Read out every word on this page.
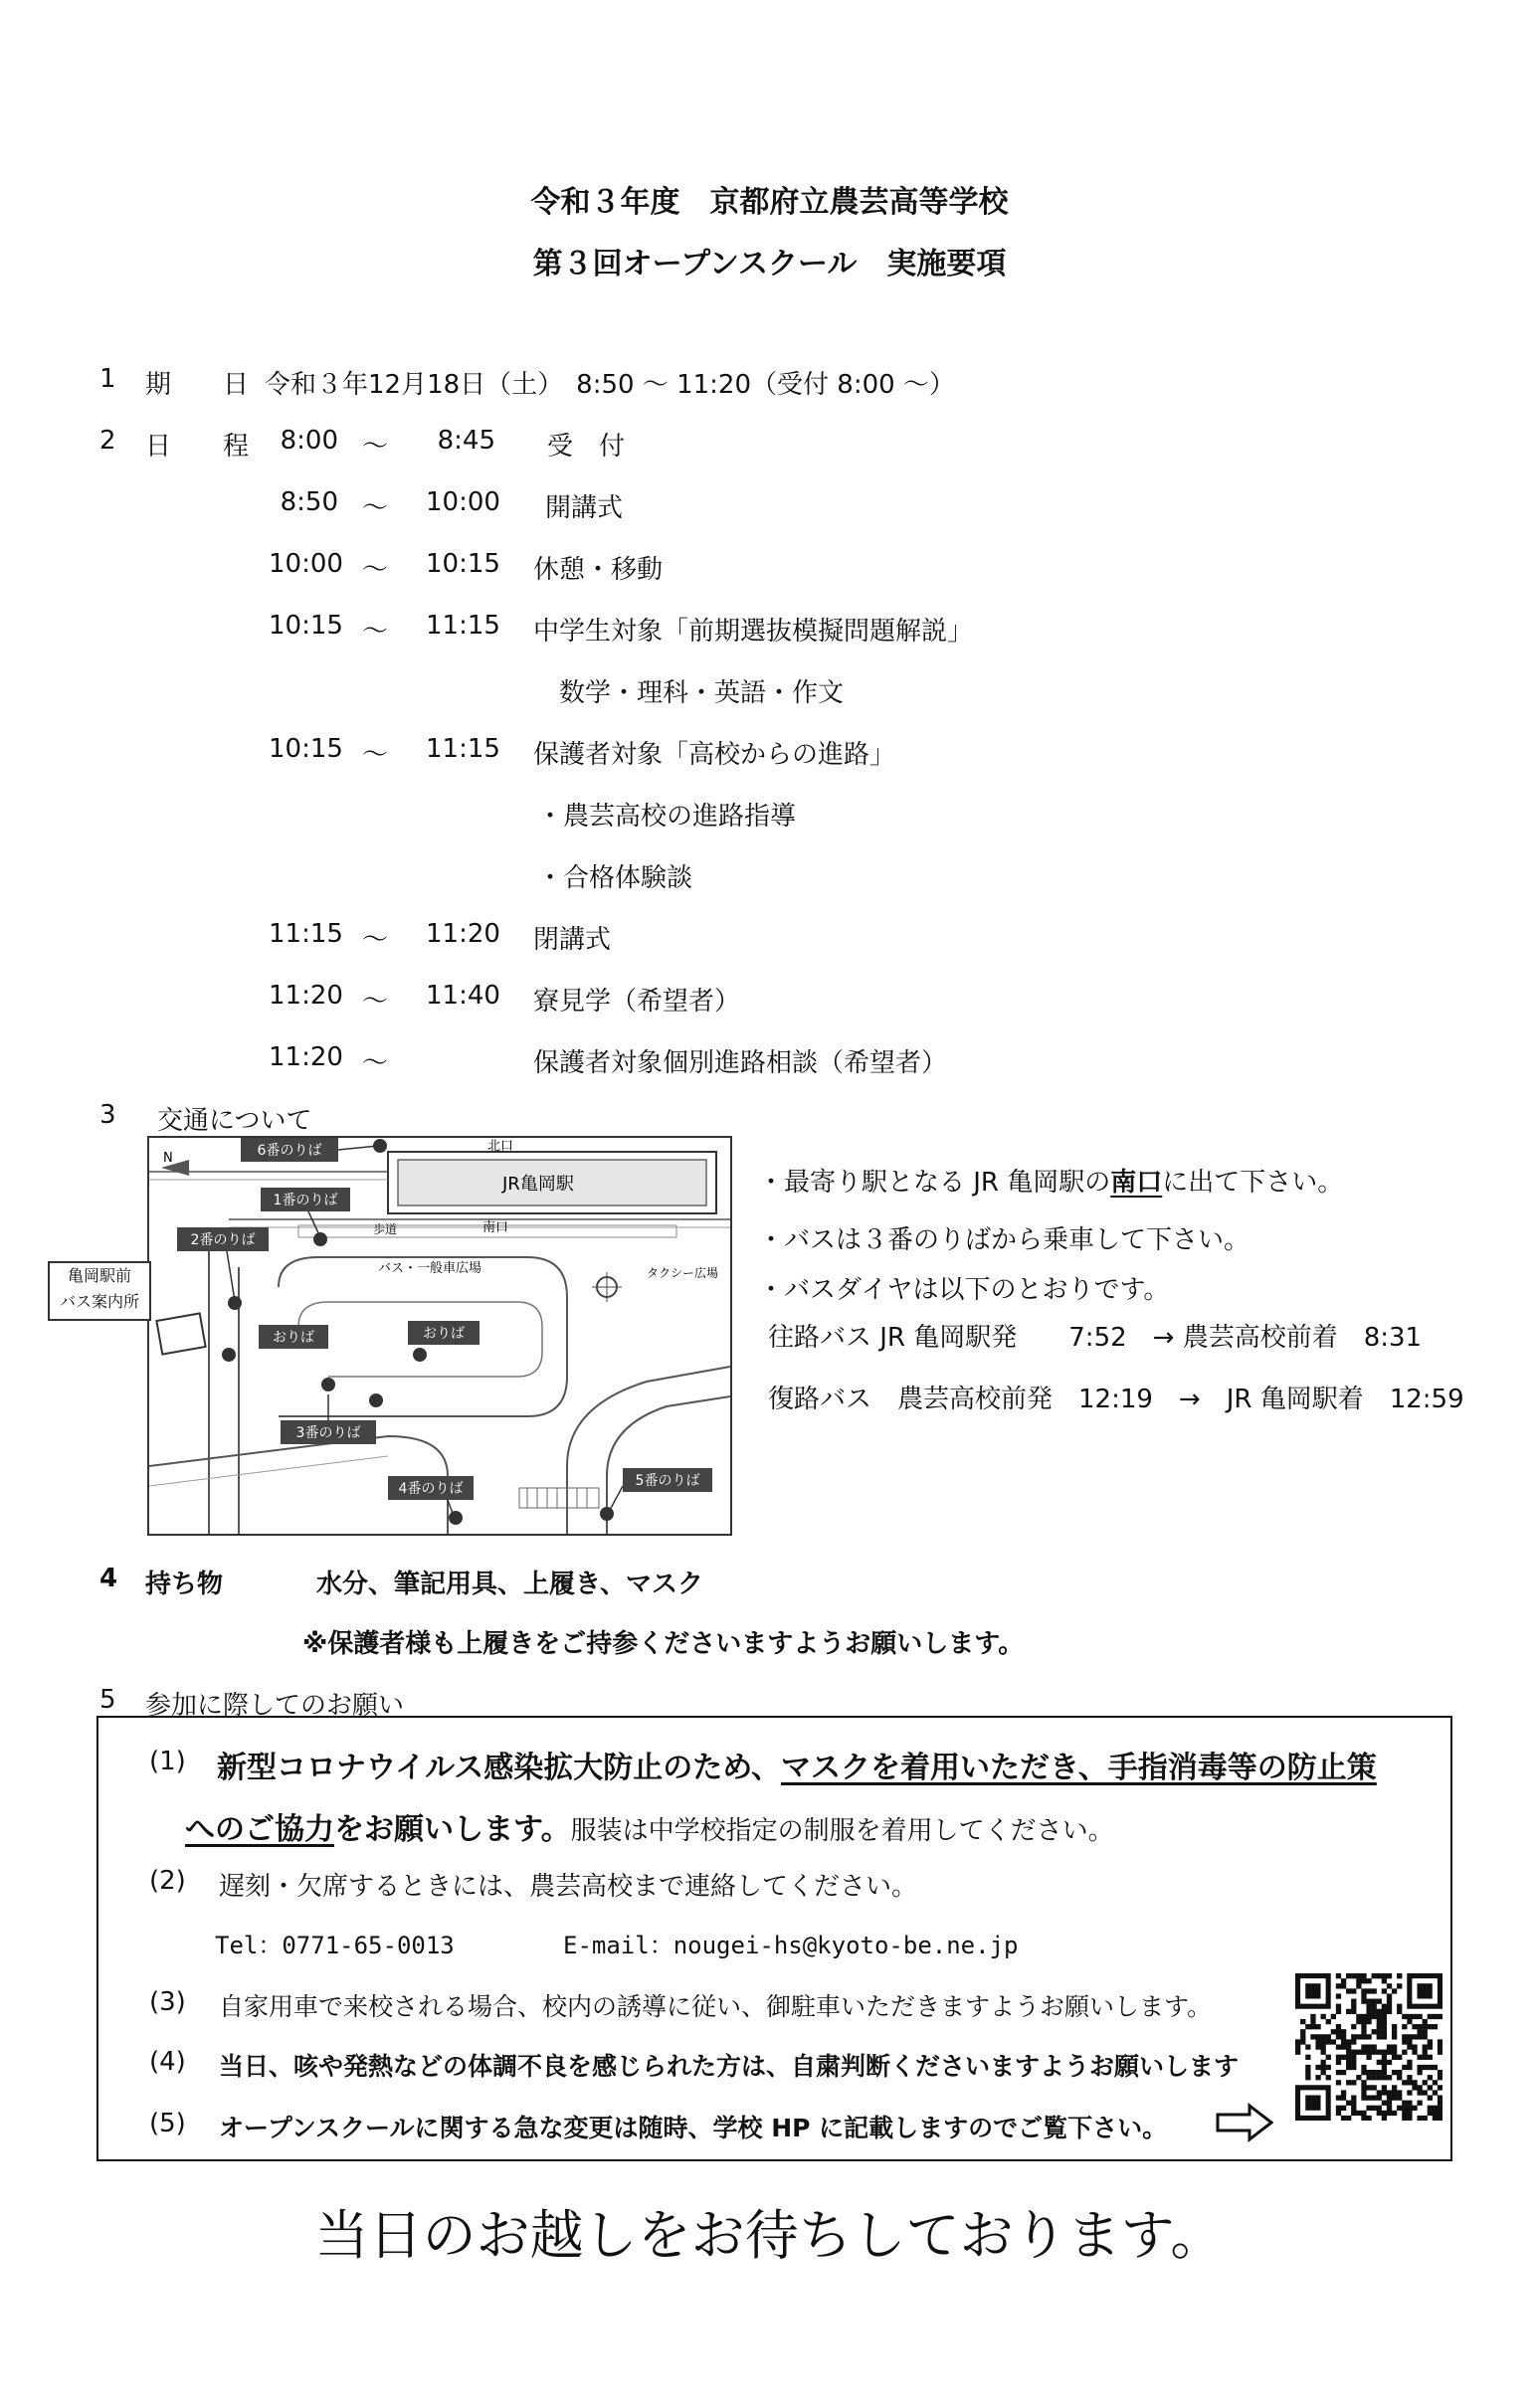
令和３年度　京都府立農芸高等学校
第３回オープンスクール　実施要項
1 期　　日 令和３年12月18日（土）　8:50 ～ 11:20（受付 8:00 ～）
2 日　　程	8:00 ～	8:45 受　付
8:50 ～ 10:00 開講式
10:00 ～ 10:15 休憩・移動
10:15 ～ 11:15 中学生対象「前期選抜模擬問題解説」
数学・理科・英語・作文
10:15 ～ 11:15 保護者対象「高校からの進路」
・農芸高校の進路指導
・合格体験談
11:15 ～ 11:20 閉講式
11:20 ～ 11:40 寮見学（希望者）
11:20 ～	保護者対象個別進路相談（希望者）
3 交通について
N
北口
JR亀岡駅
南口
歩道
バス・一般車広場	タクシー広場
6番のりば
1番のりば
2番のりば
おりば	おりば
3番のりば
4番のりば	5番のりば
亀岡駅前
バス案内所
・最寄り駅となる JR 亀岡駅の南口に出て下さい。
・バスは３番のりばから乗車して下さい。
・バスダイヤは以下のとおりです。
往路バス JR 亀岡駅発　　7:52　→ 農芸高校前着　8:31
復路バス　農芸高校前発　12:19　→　JR 亀岡駅着　12:59
4 持ち物	水分、筆記用具、上履き、マスク
※保護者様も上履きをご持参くださいますようお願いします。
5 参加に際してのお願い
(1) 新型コロナウイルス感染拡大防止のため、マスクを着用いただき、手指消毒等の防止策
へのご協力をお願いします。服装は中学校指定の制服を着用してください。
(2) 遅刻・欠席するときには、農芸高校まで連絡してください。
Tel：0771-65-0013	E-mail：nougei-hs@kyoto-be.ne.jp
(3) 自家用車で来校される場合、校内の誘導に従い、御駐車いただきますようお願いします。
(4) 当日、咳や発熱などの体調不良を感じられた方は、自粛判断くださいますようお願いします
(5) オープンスクールに関する急な変更は随時、学校 HP に記載しますのでご覧下さい。
当日のお越しをお待ちしております。
